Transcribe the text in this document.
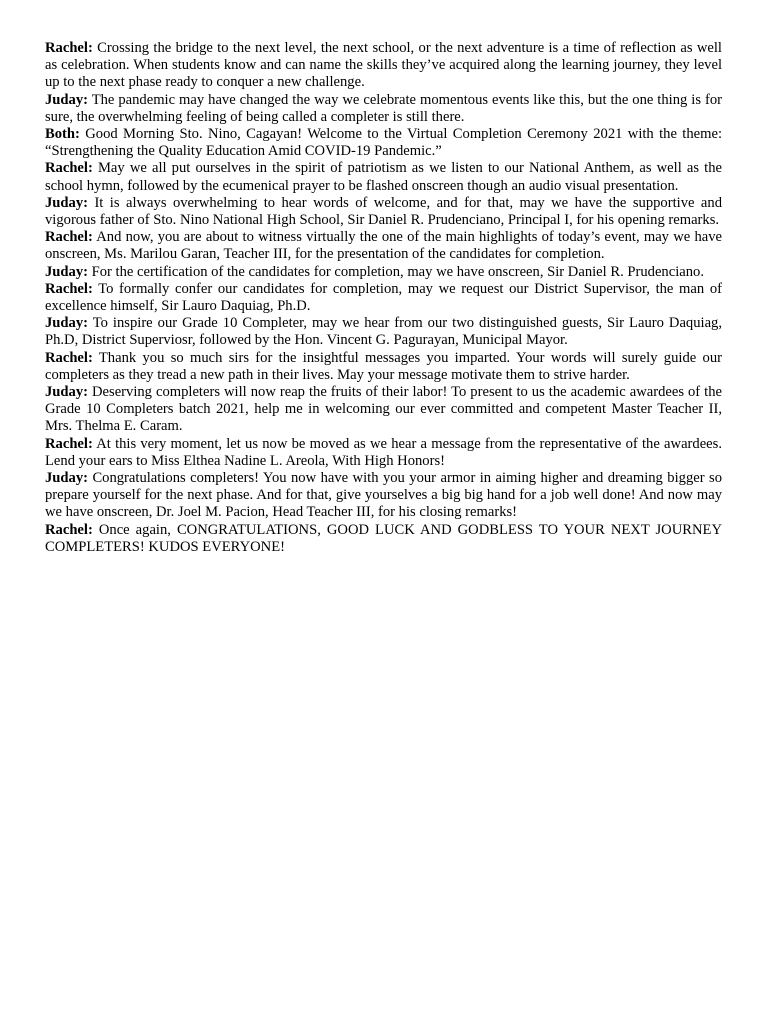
Rachel: Crossing the bridge to the next level, the next school, or the next adventure is a time of reflection as well as celebration. When students know and can name the skills they’ve acquired along the learning journey, they level up to the next phase ready to conquer a new challenge.

Juday: The pandemic may have changed the way we celebrate momentous events like this, but the one thing is for sure, the overwhelming feeling of being called a completer is still there.

Both: Good Morning Sto. Nino, Cagayan! Welcome to the Virtual Completion Ceremony 2021 with the theme: “Strengthening the Quality Education Amid COVID-19 Pandemic.”

Rachel: May we all put ourselves in the spirit of patriotism as we listen to our National Anthem, as well as the school hymn, followed by the ecumenical prayer to be flashed onscreen though an audio visual presentation.

Juday: It is always overwhelming to hear words of welcome, and for that, may we have the supportive and vigorous father of Sto. Nino National High School, Sir Daniel R. Prudenciano, Principal I, for his opening remarks.

Rachel: And now, you are about to witness virtually the one of the main highlights of today’s event, may we have onscreen, Ms. Marilou Garan, Teacher III, for the presentation of the candidates for completion.

Juday: For the certification of the candidates for completion, may we have onscreen, Sir Daniel R. Prudenciano.

Rachel: To formally confer our candidates for completion, may we request our District Supervisor, the man of excellence himself, Sir Lauro Daquiag, Ph.D.

Juday: To inspire our Grade 10 Completer, may we hear from our two distinguished guests, Sir Lauro Daquiag, Ph.D, District Superviosr, followed by the Hon. Vincent G. Pagurayan, Municipal Mayor.

Rachel: Thank you so much sirs for the insightful messages you imparted. Your words will surely guide our completers as they tread a new path in their lives. May your message motivate them to strive harder.

Juday: Deserving completers will now reap the fruits of their labor! To present to us the academic awardees of the Grade 10 Completers batch 2021, help me in welcoming our ever committed and competent Master Teacher II, Mrs. Thelma E. Caram.

Rachel: At this very moment, let us now be moved as we hear a message from the representative of the awardees. Lend your ears to Miss Elthea Nadine L. Areola, With High Honors!

Juday: Congratulations completers! You now have with you your armor in aiming higher and dreaming bigger so prepare yourself for the next phase. And for that, give yourselves a big big hand for a job well done! And now may we have onscreen, Dr. Joel M. Pacion, Head Teacher III, for his closing remarks!

Rachel: Once again, CONGRATULATIONS, GOOD LUCK AND GODBLESS TO YOUR NEXT JOURNEY COMPLETERS! KUDOS EVERYONE!
